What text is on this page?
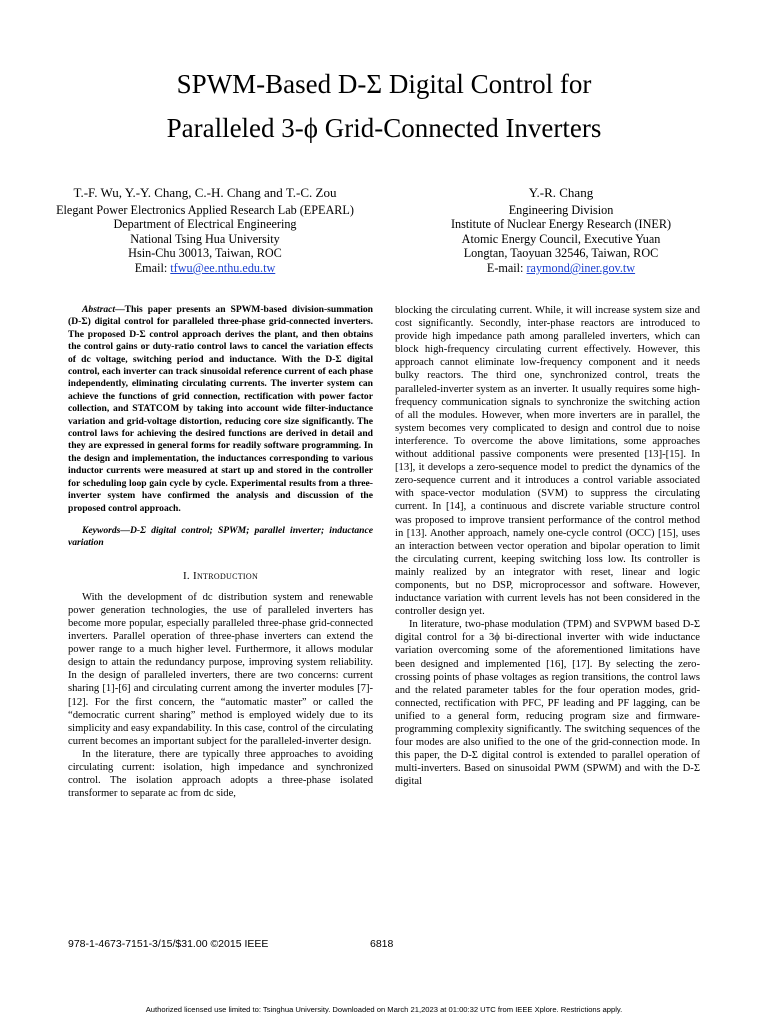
SPWM-Based D-Σ Digital Control for
Paralleled 3-ϕ Grid-Connected Inverters
T.-F. Wu, Y.-Y. Chang, C.-H. Chang and T.-C. Zou
Elegant Power Electronics Applied Research Lab (EPEARL)
Department of Electrical Engineering
National Tsing Hua University
Hsin-Chu 30013, Taiwan, ROC
Email: tfwu@ee.nthu.edu.tw
Y.-R. Chang
Engineering Division
Institute of Nuclear Energy Research (INER)
Atomic Energy Council, Executive Yuan
Longtan, Taoyuan 32546, Taiwan, ROC
E-mail: raymond@iner.gov.tw

Abstract—This paper presents an SPWM-based division-summation (D-Σ) digital control for paralleled three-phase grid-connected inverters. The proposed D-Σ control approach derives the plant, and then obtains the control gains or duty-ratio control laws to cancel the variation effects of dc voltage, switching period and inductance. With the D-Σ digital control, each inverter can track sinusoidal reference current of each phase independently, eliminating circulating currents. The inverter system can achieve the functions of grid connection, rectification with power factor collection, and STATCOM by taking into account wide filter-inductance variation and grid-voltage distortion, reducing core size significantly. The control laws for achieving the desired functions are derived in detail and they are expressed in general forms for readily software programming. In the design and implementation, the inductances corresponding to various inductor currents were measured at start up and stored in the controller for scheduling loop gain cycle by cycle. Experimental results from a three-inverter system have confirmed the analysis and discussion of the proposed control approach.

Keywords—D-Σ digital control; SPWM; parallel inverter; inductance variation

I. Introduction

With the development of dc distribution system and renewable power generation technologies, the use of paralleled inverters has become more popular, especially paralleled three-phase grid-connected inverters. Parallel operation of three-phase inverters can extend the power range to a much higher level. Furthermore, it allows modular design to attain the redundancy purpose, improving system reliability. In the design of paralleled inverters, there are two concerns: current sharing [1]-[6] and circulating current among the inverter modules [7]-[12]. For the first concern, the “automatic master” or called the “democratic current sharing” method is employed widely due to its simplicity and easy expandability. In this case, control of the circulating current becomes an important subject for the paralleled-inverter design.

In the literature, there are typically three approaches to avoiding circulating current: isolation, high impedance and synchronized control. The isolation approach adopts a three-phase isolated transformer to separate ac from dc side,

blocking the circulating current. While, it will increase system size and cost significantly. Secondly, inter-phase reactors are introduced to provide high impedance path among paralleled inverters, which can block high-frequency circulating current effectively. However, this approach cannot eliminate low-frequency component and it needs bulky reactors. The third one, synchronized control, treats the paralleled-inverter system as an inverter. It usually requires some high-frequency communication signals to synchronize the switching action of all the modules. However, when more inverters are in parallel, the system becomes very complicated to design and control due to noise interference. To overcome the above limitations, some approaches without additional passive components were presented [13]-[15]. In [13], it develops a zero-sequence model to predict the dynamics of the zero-sequence current and it introduces a control variable associated with space-vector modulation (SVM) to suppress the circulating current. In [14], a continuous and discrete variable structure control was proposed to improve transient performance of the control method in [13]. Another approach, namely one-cycle control (OCC) [15], uses an interaction between vector operation and bipolar operation to limit the circulating current, keeping switching loss low. Its controller is mainly realized by an integrator with reset, linear and logic components, but no DSP, microprocessor and software. However, inductance variation with current levels has not been considered in the controller design yet.

In literature, two-phase modulation (TPM) and SVPWM based D-Σ digital control for a 3ϕ bi-directional inverter with wide inductance variation overcoming some of the aforementioned limitations have been designed and implemented [16], [17]. By selecting the zero-crossing points of phase voltages as region transitions, the control laws and the related parameter tables for the four operation modes, grid-connected, rectification with PFC, PF leading and PF lagging, can be unified to a general form, reducing program size and firmware-programming complexity significantly. The switching sequences of the four modes are also unified to the one of the grid-connection mode. In this paper, the D-Σ digital control is extended to parallel operation of multi-inverters. Based on sinusoidal PWM (SPWM) and with the D-Σ digital

978-1-4673-7151-3/15/$31.00 ©2015 IEEE	6818
Authorized licensed use limited to: Tsinghua University. Downloaded on March 21,2023 at 01:00:32 UTC from IEEE Xplore. Restrictions apply.
